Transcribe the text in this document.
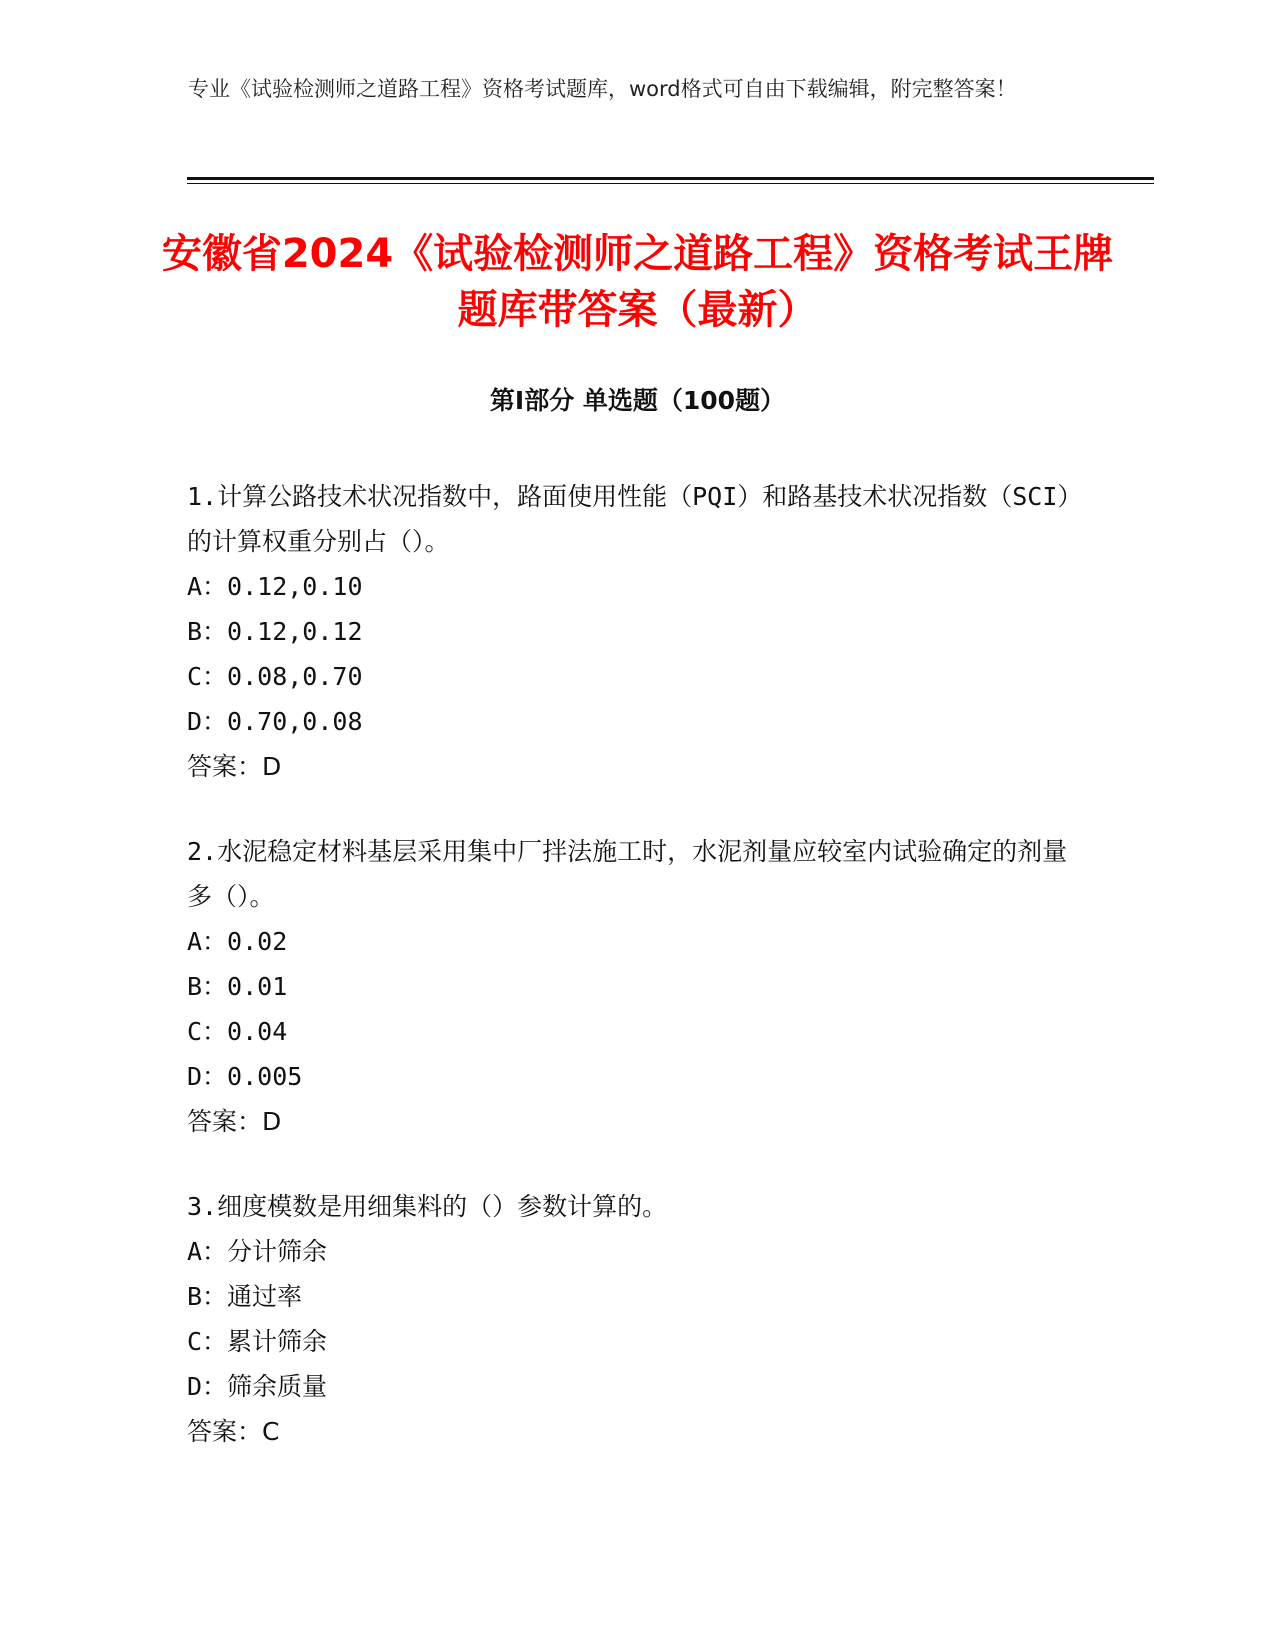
专业《试验检测师之道路工程》资格考试题库，word格式可自由下载编辑，附完整答案！
安徽省2024《试验检测师之道路工程》资格考试王牌题库带答案（最新）
第Ⅰ部分 单选题（100题）
1.计算公路技术状况指数中，路面使用性能（PQI）和路基技术状况指数（SCI）的计算权重分别占（）。
A：0.12,0.10
B：0.12,0.12
C：0.08,0.70
D：0.70,0.08
答案：D
2.水泥稳定材料基层采用集中厂拌法施工时，水泥剂量应较室内试验确定的剂量多（）。
A：0.02
B：0.01
C：0.04
D：0.005
答案：D
3.细度模数是用细集料的（）参数计算的。
A：分计筛余
B：通过率
C：累计筛余
D：筛余质量
答案：C
